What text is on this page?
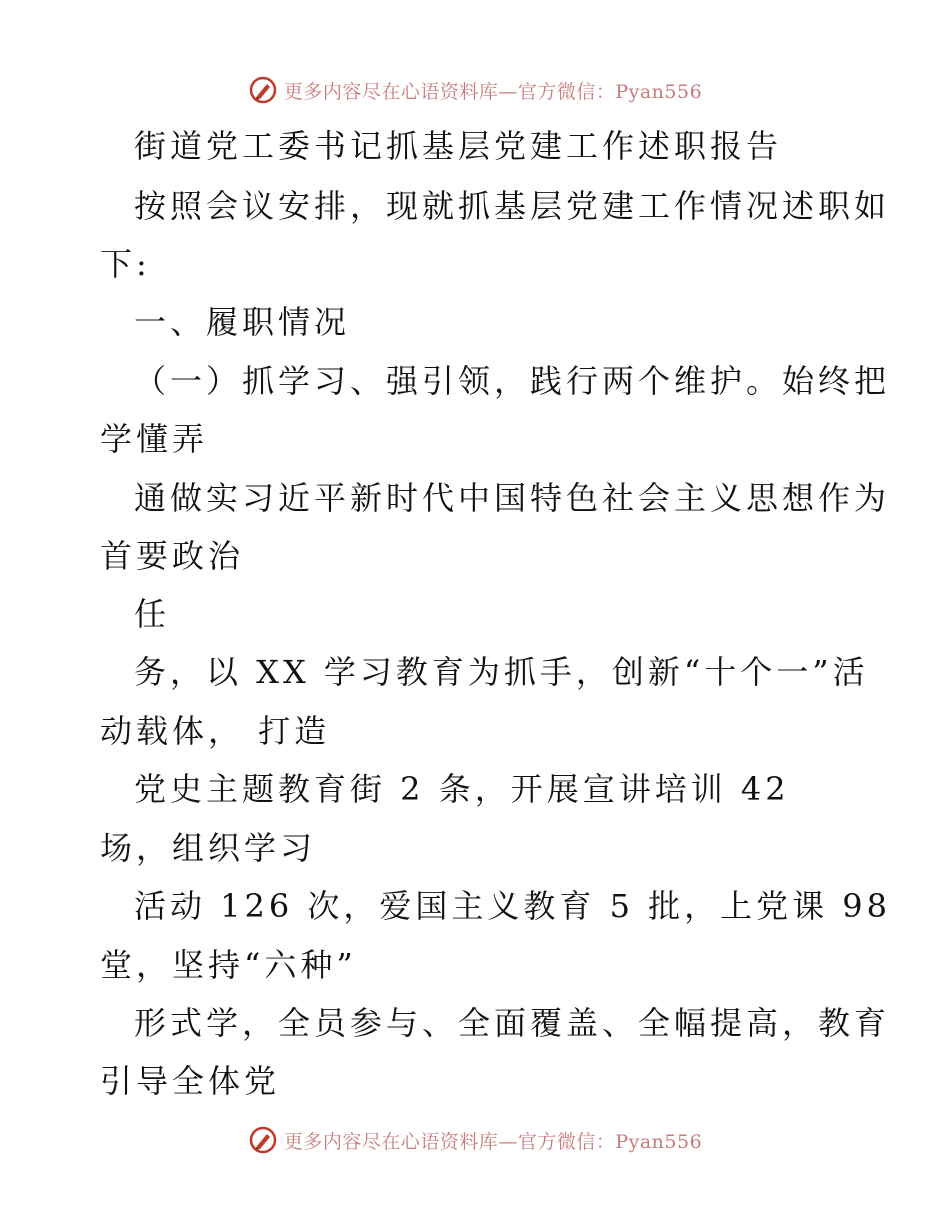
更多内容尽在心语资料库—官方微信：Pyan556
街道党工委书记抓基层党建工作述职报告
按照会议安排，现就抓基层党建工作情况述职如
下:
一、履职情况
（一）抓学习、强引领，践行两个维护。始终把
学懂弄
通做实习近平新时代中国特色社会主义思想作为
首要政治
任
务，以 XX 学习教育为抓手，创新“十个一”活
动载体， 打造
党史主题教育街 2 条，开展宣讲培训 42
场，组织学习
活动 126 次，爱国主义教育 5 批，上党课 98
堂，坚持“六种”
形式学，全员参与、全面覆盖、全幅提高，教育
引导全体党
更多内容尽在心语资料库—官方微信：Pyan556
